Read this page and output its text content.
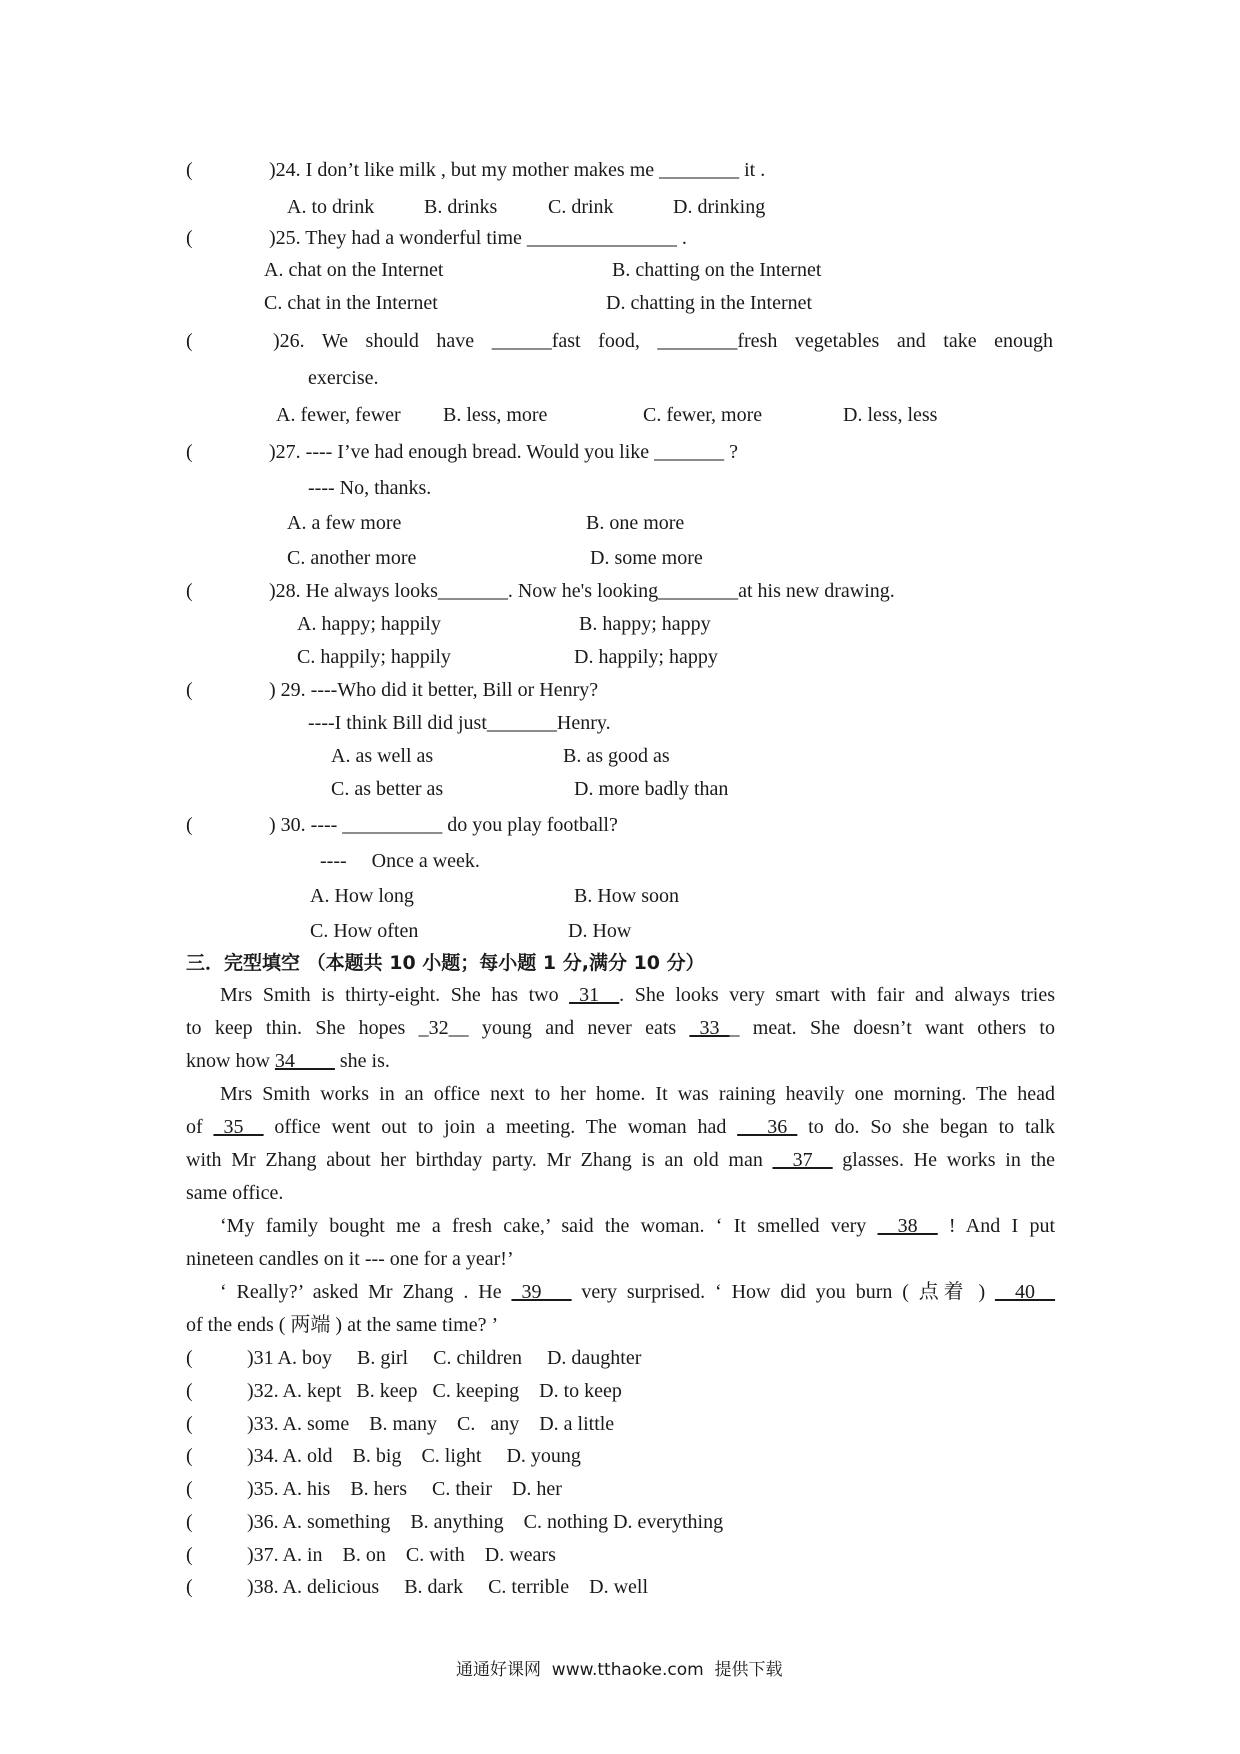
(	)24. I don’t like milk , but my mother makes me ________ it .
A. to drink B. drinks	C. drink	D. drinking
(	)25. They had a wonderful time _______________ .
A. chat on the Internet	B. chatting on the Internet
C. chat in the Internet	D. chatting in the Internet
(	)26. We should have ______fast food, ________fresh vegetables and take enough
exercise.
A. fewer, fewer B. less, more	C. fewer, more	D. less, less
(	)27. ---- I’ve had enough bread. Would you like _______ ?
---- No, thanks.
A. a few more	B. one more
C. another more	D. some more
(	)28. He always looks_______. Now he's looking________at his new drawing.
A. happy; happily	B. happy; happy
C. happily; happily	D. happily; happy
(	) 29. ----Who did it better, Bill or Henry?
----I think Bill did just_______Henry.
A. as well as	B. as good as
C. as better as	D. more badly than
(	) 30. ---- __________ do you play football?
----     Once a week.
A. How long	B. How soon
C. How often	D. How
三．完型填空 （本题共 10 小题；每小题 1 分,满分 10 分）
Mrs Smith is thirty-eight. She has two _31__. She looks very smart with fair and always tries
to keep thin. She hopes _32__ young and never eats _33__ meat. She doesn’t want others to
know how 34____ she is.
Mrs Smith works in an office next to her home. It was raining heavily one morning. The head
of _35__ office went out to join a meeting. The woman had ___36_ to do. So she began to talk
with Mr Zhang about her birthday party. Mr Zhang is an old man __37__ glasses. He works in the
same office.
‘My family bought me a fresh cake,’ said the woman. ‘ It smelled very __38__ ! And I put
nineteen candles on it --- one for a year!’
‘ Really?’ asked Mr Zhang . He _39___ very surprised. ‘ How did you burn ( 点着 ) __40__
of the ends ( 两端 ) at the same time? ’
(	)31 A. boy     B. girl     C. children     D. daughter
(	)32. A. kept   B. keep   C. keeping    D. to keep
(	)33. A. some    B. many    C.   any    D. a little
(	)34. A. old    B. big    C. light     D. young
(	)35. A. his    B. hers     C. their    D. her
(	)36. A. something    B. anything    C. nothing D. everything
(	)37. A. in    B. on    C. with    D. wears
(	)38. A. delicious     B. dark     C. terrible    D. well
通通好课网  www.tthaoke.com  提供下载
